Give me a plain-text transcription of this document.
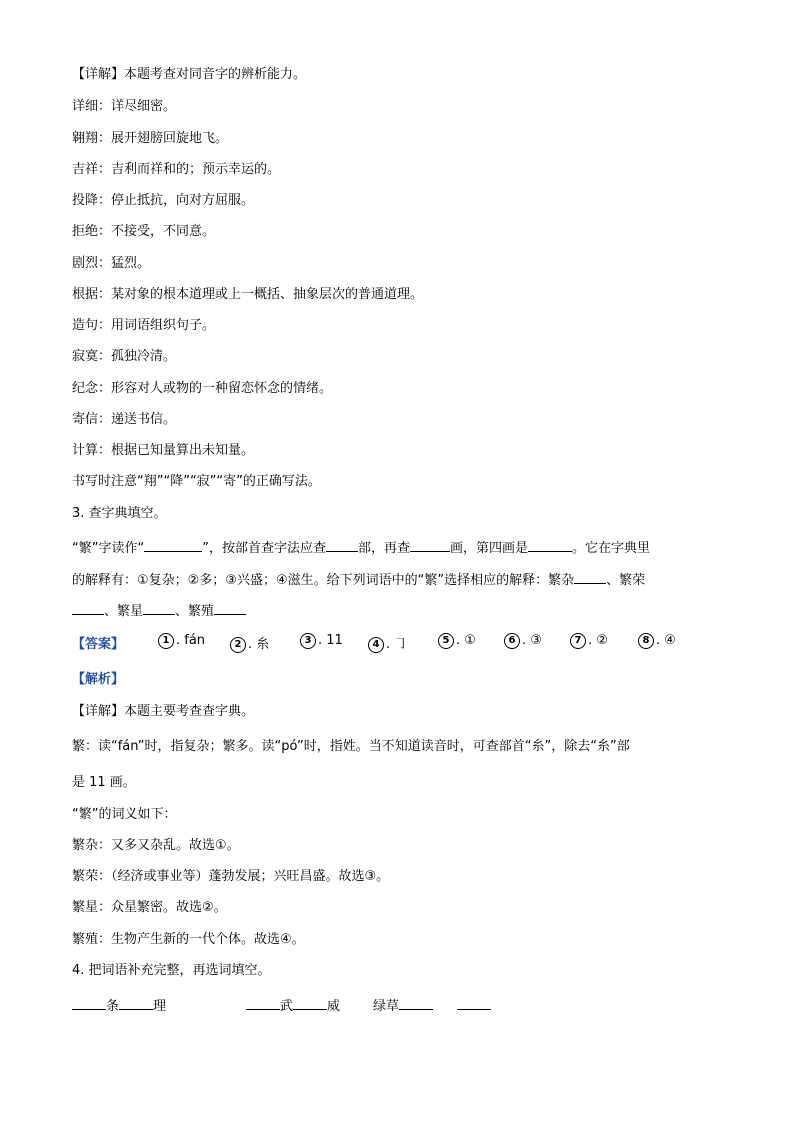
【详解】本题考查对同音字的辨析能力。
详细：详尽细密。
翱翔：展开翅膀回旋地飞。
吉祥：吉利而祥和的；预示幸运的。
投降：停止抵抗，向对方屈服。
拒绝：不接受，不同意。
剧烈：猛烈。
根据：某对象的根本道理或上一概括、抽象层次的普通道理。
造句：用词语组织句子。
寂寞：孤独冷清。
纪念：形容对人或物的一种留恋怀念的情绪。
寄信：递送书信。
计算：根据已知量算出未知量。
书写时注意“翔”“降”“寂”“寄”的正确写法。
3. 查字典填空。
“繁”字读作“	”，按部首查字法应查 部，再查	画，第四画是	。它在字典里
的解释有：①复杂；②多；③兴盛；④滋生。给下列词语中的“繁”选择相应的解释：繁杂 、繁荣
、繁星 、繁殖
【答案】	1 . fán	2 . 糸	3 . 11	4 . ㇆	5 . ①	6 . ③	7 . ②	8 . ④
【解析】
【详解】本题主要考查查字典。
繁：读“fán”时，指复杂；繁多。读“pó”时，指姓。当不知道读音时，可查部首“糸”，除去“糸”部
是 11 画。
“繁”的词义如下：
繁杂：又多又杂乱。故选①。
繁荣：（经济或事业等）蓬勃发展；兴旺昌盛。故选③。
繁星：众星繁密。故选②。
繁殖：生物产生新的一代个体。故选④。
4. 把词语补充完整，再选词填空。
条	理	武	威	绿草
